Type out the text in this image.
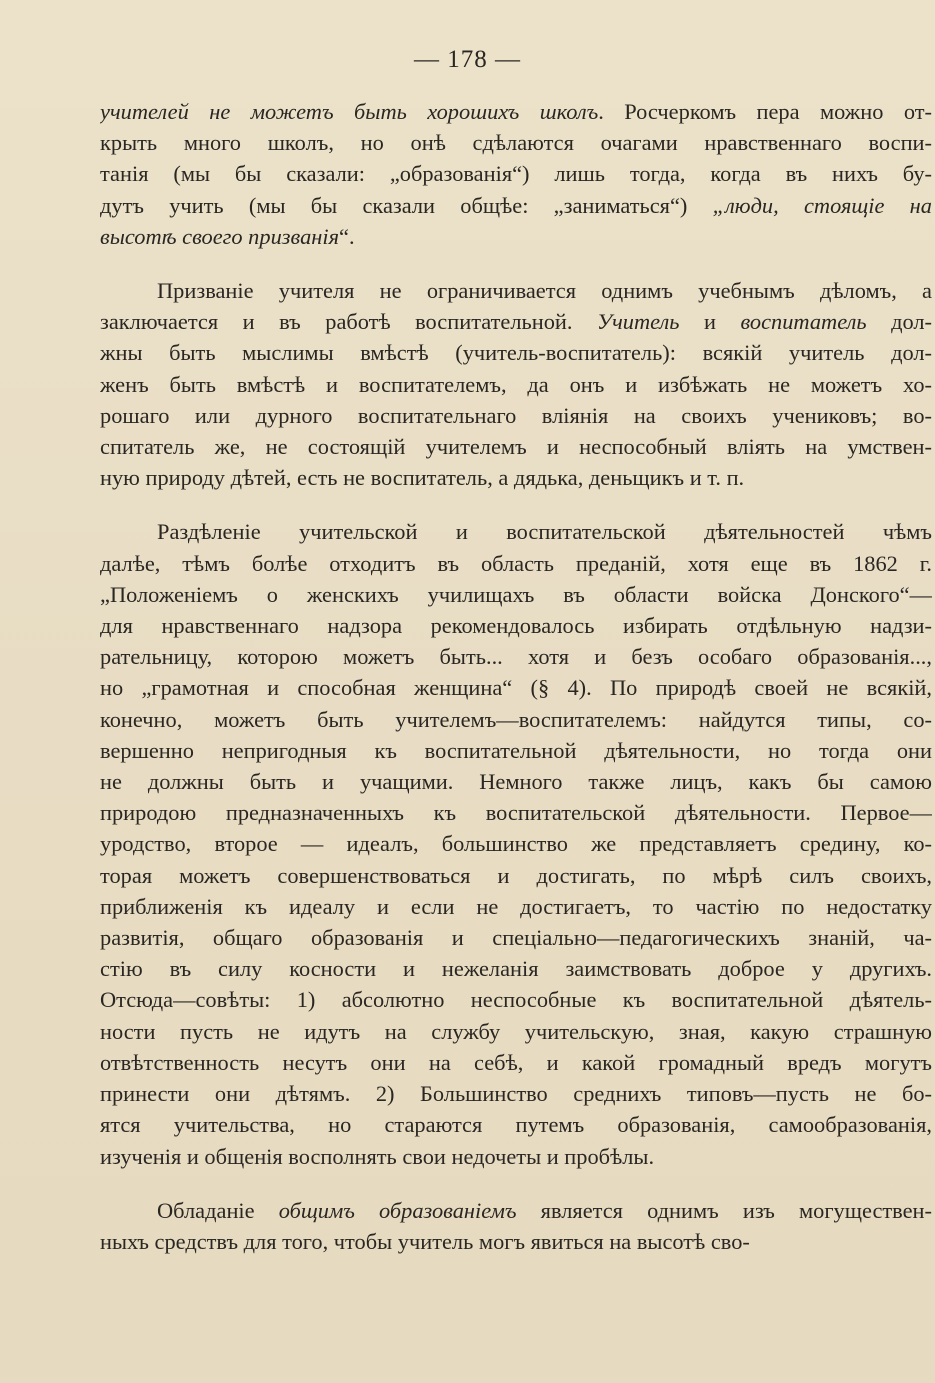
— 178 —
учителей не можетъ быть хорошихъ школъ. Росчеркомъ пера можно от-
крыть много школъ, но онѣ сдѣлаются очагами нравственнаго воспи-
танія (мы бы сказали: „образованія“) лишь тогда, когда въ нихъ бу-
дутъ учить (мы бы сказали общѣе: „заниматься“) „люди, стоящіе на
высотѣ своего призванія“.
Призваніе учителя не ограничивается однимъ учебнымъ дѣломъ, а
заключается и въ работѣ воспитательной. Учитель и воспитатель дол-
жны быть мыслимы вмѣстѣ (учитель-воспитатель): всякій учитель дол-
женъ быть вмѣстѣ и воспитателемъ, да онъ и избѣжать не можетъ хо-
рошаго или дурного воспитательнаго вліянія на своихъ учениковъ; во-
спитатель же, не состоящій учителемъ и неспособный вліять на умствен-
ную природу дѣтей, есть не воспитатель, а дядька, деньщикъ и т. п.
Раздѣленіе учительской и воспитательской дѣятельностей чѣмъ
далѣе, тѣмъ болѣе отходитъ въ область преданій, хотя еще въ 1862 г.
„Положеніемъ о женскихъ училищахъ въ области войска Донского“—
для нравственнаго надзора рекомендовалось избирать отдѣльную надзи-
рательницу, которою можетъ быть... хотя и безъ особаго образованія...,
но „грамотная и способная женщина“ (§ 4). По природѣ своей не всякій,
конечно, можетъ быть учителемъ—воспитателемъ: найдутся типы, со-
вершенно непригодныя къ воспитательной дѣятельности, но тогда они
не должны быть и учащими. Немного также лицъ, какъ бы самою
природою предназначенныхъ къ воспитательской дѣятельности. Первое—
уродство, второе — идеалъ, большинство же представляетъ средину, ко-
торая можетъ совершенствоваться и достигать, по мѣрѣ силъ своихъ,
приближенія къ идеалу и если не достигаетъ, то частію по недостатку
развитія, общаго образованія и спеціально—педагогическихъ знаній, ча-
стію въ силу косности и нежеланія заимствовать доброе у другихъ.
Отсюда—совѣты: 1) абсолютно неспособные къ воспитательной дѣятель-
ности пусть не идутъ на службу учительскую, зная, какую страшную
отвѣтственность несутъ они на себѣ, и какой громадный вредъ могутъ
принести они дѣтямъ. 2) Большинство среднихъ типовъ—пусть не бо-
ятся учительства, но стараются путемъ образованія, самообразованія,
изученія и общенія восполнять свои недочеты и пробѣлы.
Обладаніе общимъ образованіемъ является однимъ изъ могуществен-
ныхъ средствъ для того, чтобы учитель могъ явиться на высотѣ сво-
